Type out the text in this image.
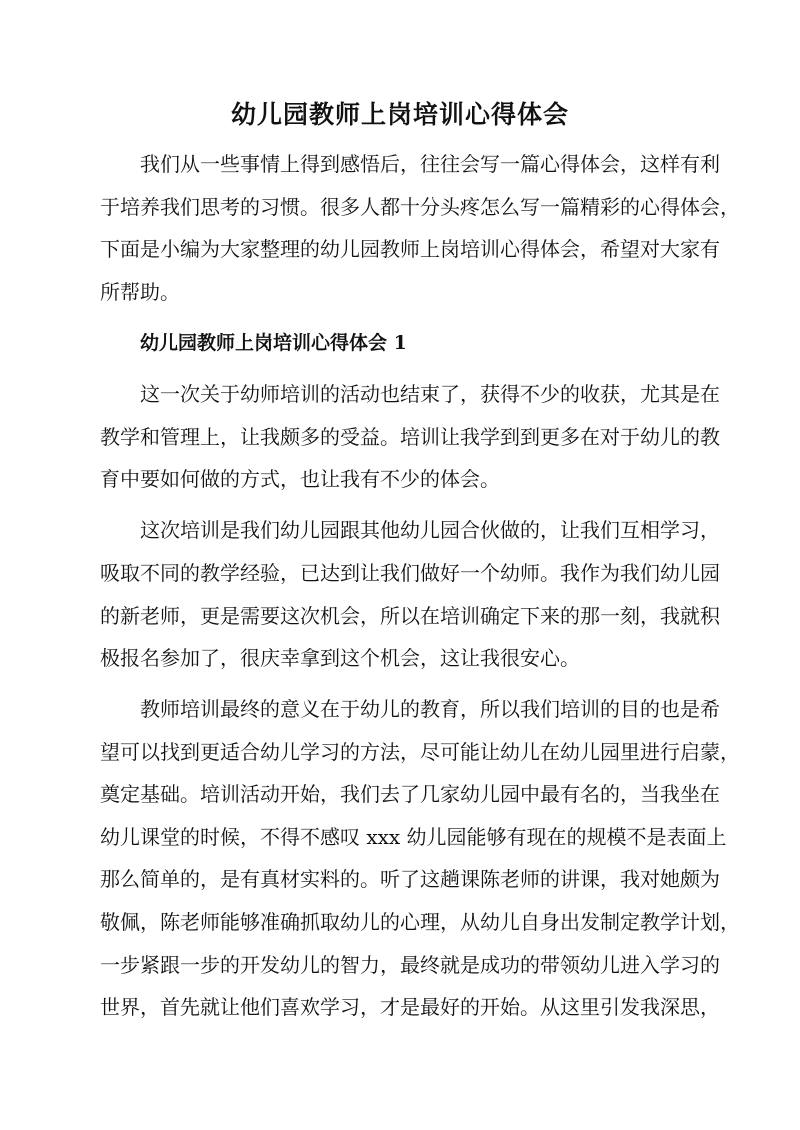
幼儿园教师上岗培训心得体会
我们从一些事情上得到感悟后，往往会写一篇心得体会，这样有利
于培养我们思考的习惯。很多人都十分头疼怎么写一篇精彩的心得体会，
下面是小编为大家整理的幼儿园教师上岗培训心得体会，希望对大家有
所帮助。
幼儿园教师上岗培训心得体会 1
这一次关于幼师培训的活动也结束了，获得不少的收获，尤其是在
教学和管理上，让我颇多的受益。培训让我学到到更多在对于幼儿的教
育中要如何做的方式，也让我有不少的体会。
这次培训是我们幼儿园跟其他幼儿园合伙做的，让我们互相学习，
吸取不同的教学经验，已达到让我们做好一个幼师。我作为我们幼儿园
的新老师，更是需要这次机会，所以在培训确定下来的那一刻，我就积
极报名参加了，很庆幸拿到这个机会，这让我很安心。
教师培训最终的意义在于幼儿的教育，所以我们培训的目的也是希
望可以找到更适合幼儿学习的方法，尽可能让幼儿在幼儿园里进行启蒙，
奠定基础。培训活动开始，我们去了几家幼儿园中最有名的，当我坐在
幼儿课堂的时候，不得不感叹 xxx 幼儿园能够有现在的规模不是表面上
那么简单的，是有真材实料的。听了这趟课陈老师的讲课，我对她颇为
敬佩，陈老师能够准确抓取幼儿的心理，从幼儿自身出发制定教学计划，
一步紧跟一步的开发幼儿的智力，最终就是成功的带领幼儿进入学习的
世界，首先就让他们喜欢学习，才是最好的开始。从这里引发我深思，
